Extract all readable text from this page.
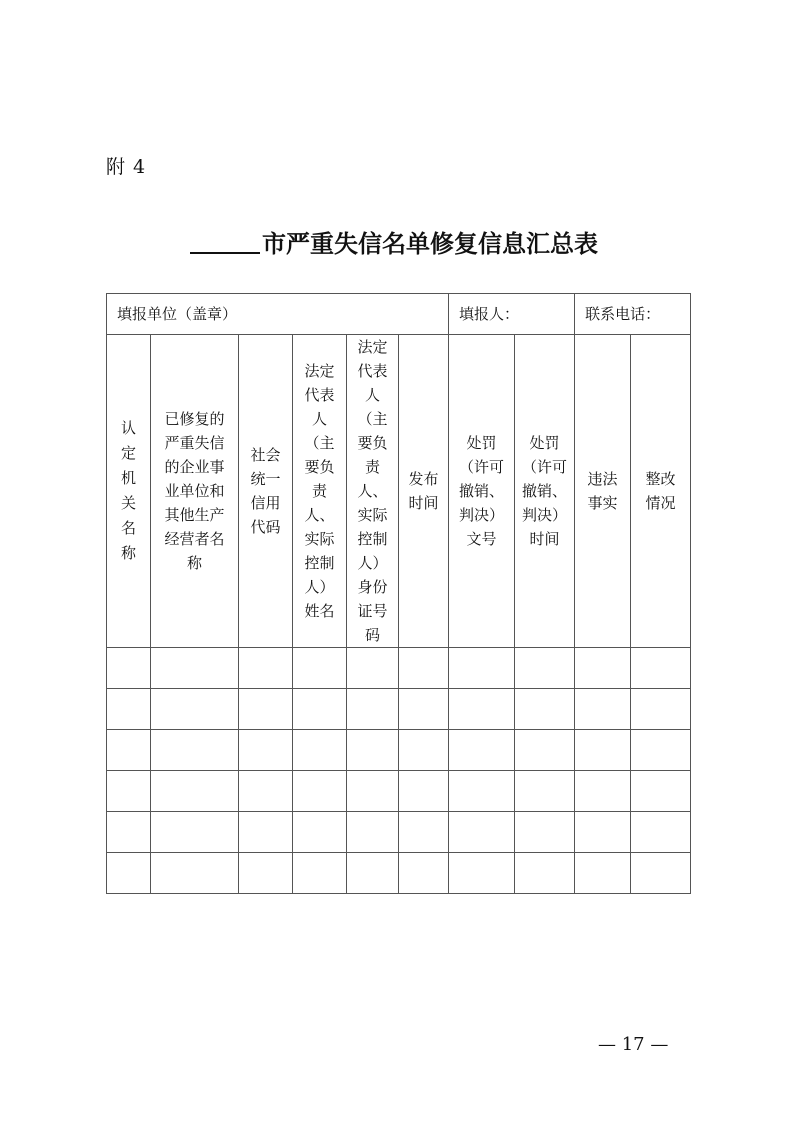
附 4
市严重失信名单修复信息汇总表
填报单位（盖章）						填报人：		联系电话：	
认定机关名称	已修复的严重失信的企业事业单位和其他生产经营者名称	社会统一信用代码	法定代表人（主要负责人、实际控制人）姓名	法定代表人（主要负责人、实际控制人）身份证号码	发布时间	处罚（许可撤销、判决）文号	处罚（许可撤销、判决）时间	违法事实	整改情况

— 17 —
